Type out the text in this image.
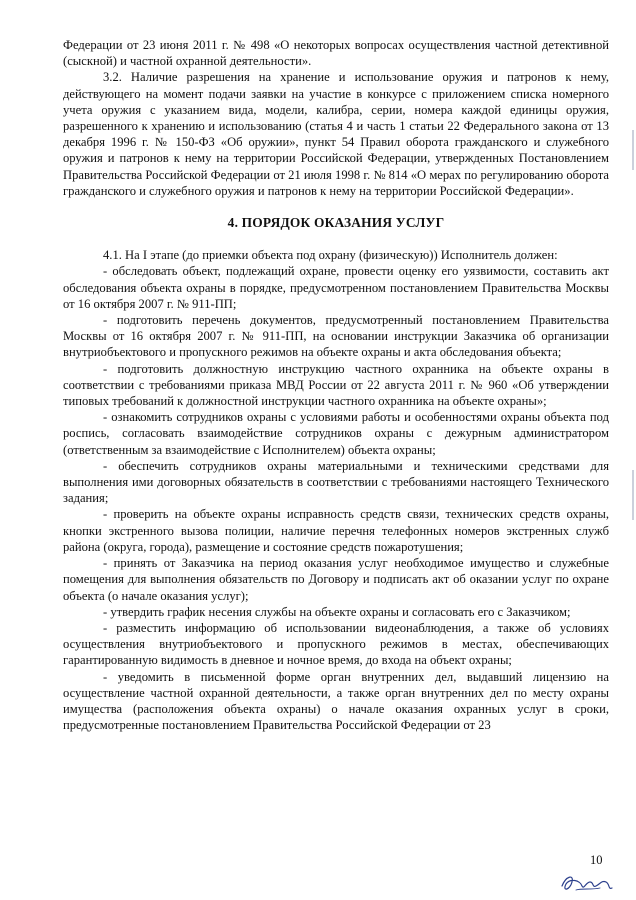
Федерации от 23 июня 2011 г. № 498 «О некоторых вопросах осуществления частной детективной (сыскной) и частной охранной деятельности».

3.2. Наличие разрешения на хранение и использование оружия и патронов к нему, действующего на момент подачи заявки на участие в конкурсе с приложением списка номерного учета оружия с указанием вида, модели, калибра, серии, номера каждой единицы оружия, разрешенного к хранению и использованию (статья 4 и часть 1 статьи 22 Федерального закона от 13 декабря 1996 г. № 150-ФЗ «Об оружии», пункт 54 Правил оборота гражданского и служебного оружия и патронов к нему на территории Российской Федерации, утвержденных Постановлением Правительства Российской Федерации от 21 июля 1998 г. № 814 «О мерах по регулированию оборота гражданского и служебного оружия и патронов к нему на территории Российской Федерации».

4. ПОРЯДОК ОКАЗАНИЯ УСЛУГ

4.1. На I этапе (до приемки объекта под охрану (физическую)) Исполнитель должен:

- обследовать объект, подлежащий охране, провести оценку его уязвимости, составить акт обследования объекта охраны в порядке, предусмотренном постановлением Правительства Москвы от 16 октября 2007 г. № 911-ПП;

- подготовить перечень документов, предусмотренный постановлением Правительства Москвы от 16 октября 2007 г. № 911-ПП, на основании инструкции Заказчика об организации внутриобъектового и пропускного режимов на объекте охраны и акта обследования объекта;

- подготовить должностную инструкцию частного охранника на объекте охраны в соответствии с требованиями приказа МВД России от 22 августа 2011 г. № 960 «Об утверждении типовых требований к должностной инструкции частного охранника на объекте охраны»;

- ознакомить сотрудников охраны с условиями работы и особенностями охраны объекта под роспись, согласовать взаимодействие сотрудников охраны с дежурным администратором (ответственным за взаимодействие с Исполнителем) объекта охраны;

- обеспечить сотрудников охраны материальными и техническими средствами для выполнения ими договорных обязательств в соответствии с требованиями настоящего Технического задания;

- проверить на объекте охраны исправность средств связи, технических средств охраны, кнопки экстренного вызова полиции, наличие перечня телефонных номеров экстренных служб района (округа, города), размещение и состояние средств пожаротушения;

- принять от Заказчика на период оказания услуг необходимое имущество и служебные помещения для выполнения обязательств по Договору и подписать акт об оказании услуг по охране объекта (о начале оказания услуг);

- утвердить график несения службы на объекте охраны и согласовать его с Заказчиком;

- разместить информацию об использовании видеонаблюдения, а также об условиях осуществления внутриобъектового и пропускного режимов в местах, обеспечивающих гарантированную видимость в дневное и ночное время, до входа на объект охраны;

- уведомить в письменной форме орган внутренних дел, выдавший лицензию на осуществление частной охранной деятельности, а также орган внутренних дел по месту охраны имущества (расположения объекта охраны) о начале оказания охранных услуг в сроки, предусмотренные постановлением Правительства Российской Федерации от 23

10
